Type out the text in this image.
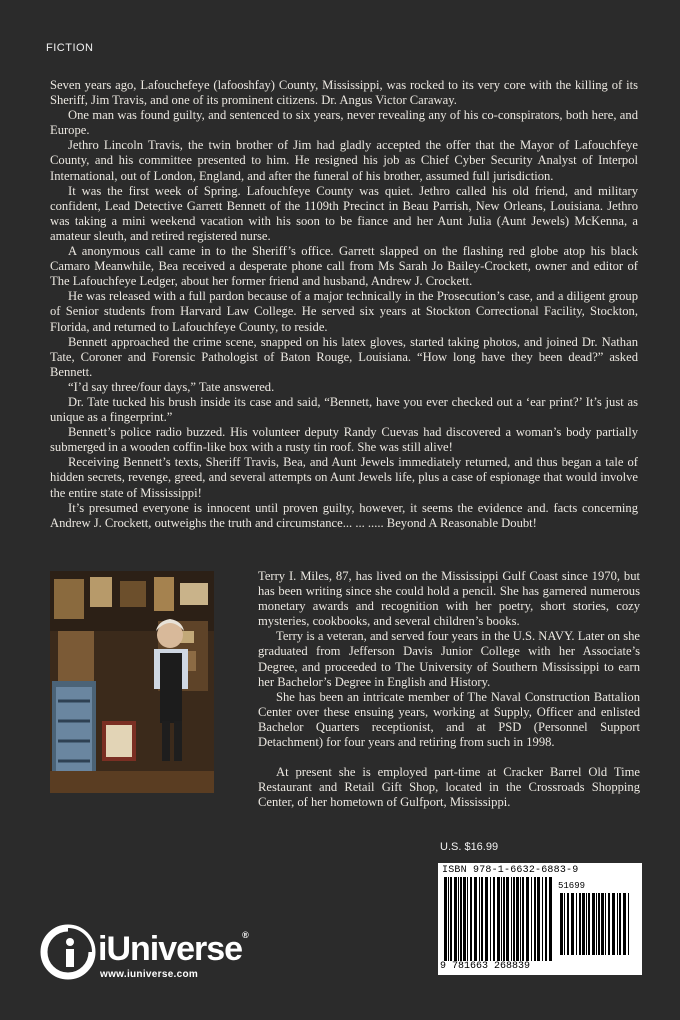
FICTION

Seven years ago, Lafouchefeye (lafooshfay) County, Mississippi, was rocked to its very core with the killing of its Sheriff, Jim Travis, and one of its prominent citizens. Dr. Angus Victor Caraway.

One man was found guilty, and sentenced to six years, never revealing any of his co-conspirators, both here, and Europe.

Jethro Lincoln Travis, the twin brother of Jim had gladly accepted the offer that the Mayor of Lafouchfeye County, and his committee presented to him. He resigned his job as Chief Cyber Security Analyst of Interpol International, out of London, England, and after the funeral of his brother, assumed full jurisdiction.

It was the first week of Spring. Lafouchfeye County was quiet. Jethro called his old friend, and military confident, Lead Detective Garrett Bennett of the 1109th Precinct in Beau Parrish, New Orleans, Louisiana. Jethro was taking a mini weekend vacation with his soon to be fiance and her Aunt Julia (Aunt Jewels) McKenna, a amateur sleuth, and retired registered nurse.

A anonymous call came in to the Sheriff’s office. Garrett slapped on the flashing red globe atop his black Camaro Meanwhile, Bea received a desperate phone call from Ms Sarah Jo Bailey-Crockett, owner and editor of The Lafouchfeye Ledger, about her former friend and husband, Andrew J. Crockett.

He was released with a full pardon because of a major technically in the Prosecution’s case, and a diligent group of Senior students from Harvard Law College. He served six years at Stockton Correctional Facility, Stockton, Florida, and returned to Lafouchfeye County, to reside.

Bennett approached the crime scene, snapped on his latex gloves, started taking photos, and joined Dr. Nathan Tate, Coroner and Forensic Pathologist of Baton Rouge, Louisiana. “How long have they been dead?” asked Bennett.

“I’d say three/four days,” Tate answered.

Dr. Tate tucked his brush inside its case and said, “Bennett, have you ever checked out a ‘ear print?’ It’s just as unique as a fingerprint.”

Bennett’s police radio buzzed. His volunteer deputy Randy Cuevas had discovered a woman’s body partially submerged in a wooden coffin-like box with a rusty tin roof. She was still alive!

Receiving Bennett’s texts, Sheriff Travis, Bea, and Aunt Jewels immediately returned, and thus began a tale of hidden secrets, revenge, greed, and several attempts on Aunt Jewels life, plus a case of espionage that would involve the entire state of Mississippi!

It’s presumed everyone is innocent until proven guilty, however, it seems the evidence and. facts concerning Andrew J. Crockett, outweighs the truth and circumstance... ... ..... Beyond A Reasonable Doubt!

Terry I. Miles, 87, has lived on the Mississippi Gulf Coast since 1970, but has been writing since she could hold a pencil. She has garnered numerous monetary awards and recognition with her poetry, short stories, cozy mysteries, cookbooks, and several children’s books.

Terry is a veteran, and served four years in the U.S. NAVY. Later on she graduated from Jefferson Davis Junior College with her Associate’s Degree, and proceeded to The University of Southern Mississippi to earn her Bachelor’s Degree in English and History.

She has been an intricate member of The Naval Construction Battalion Center over these ensuing years, working at Supply, Officer and enlisted Bachelor Quarters receptionist, and at PSD (Personnel Support Detachment) for four years and retiring from such in 1998.

At present she is employed part-time at Cracker Barrel Old Time Restaurant and Retail Gift Shop, located in the Crossroads Shopping Center, of her hometown of Gulfport, Mississippi.

U.S. $16.99
ISBN 978-1-6632-6883-9
51699
9 781663 268839
iUniverse®
www.iuniverse.com
